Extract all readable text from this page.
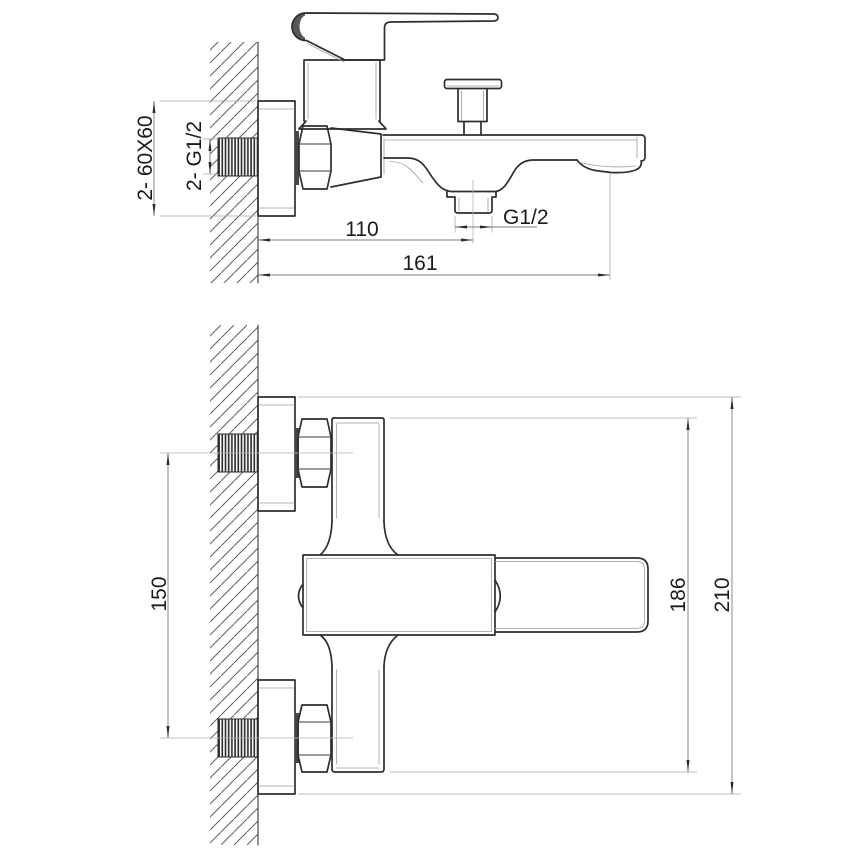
2- 60X60 2- G1/2
110
161
G1/2
150	186 210
